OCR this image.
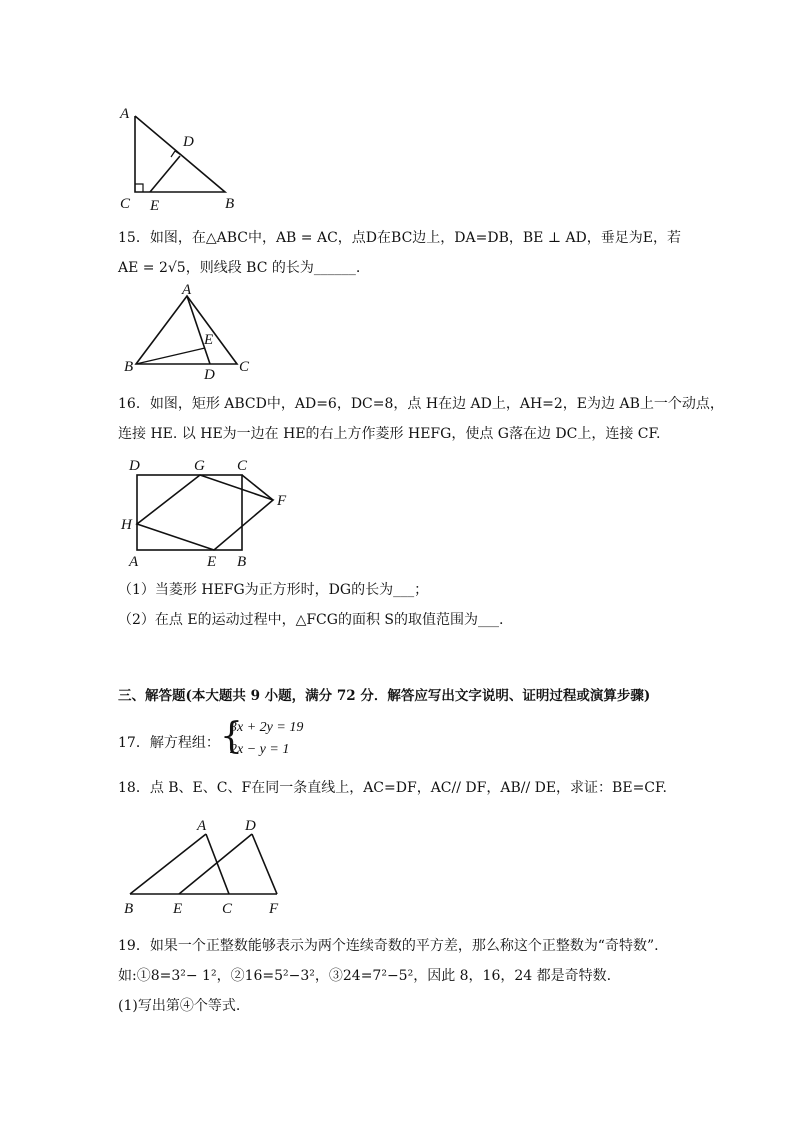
A
D
C E	B
15．如图，在△ABC中，AB = AC，点D在BC边上，DA=DB，BE ⊥ AD，垂足为E，若
AE = 2√5，则线段 BC 的长为______.
A
E
B	D C
16．如图，矩形 ABCD中，AD=6，DC=8，点 H在边 AD上，AH=2，E为边 AB上一个动点，
连接 HE. 以 HE为一边在 HE的右上方作菱形 HEFG，使点 G落在边 DC上，连接 CF.
D	G C
F
H
A	E B
（1）当菱形 HEFG为正方形时，DG的长为___；
（2）在点 E的运动过程中，△FCG的面积 S的取值范围为___.
三、解答题(本大题共 9 小题，满分 72 分．解答应写出文字说明、证明过程或演算步骤)
17．解方程组： {
3x + 2y = 19
2x − y = 1
18．点 B、E、C、F在同一条直线上，AC=DF，AC// DF，AB// DE，求证：BE=CF.
A	D
B	E	C F
19．如果一个正整数能够表示为两个连续奇数的平方差，那么称这个正整数为“奇特数”.
如:①8=3²− 1²，②16=5²−3²，③24=7²−5²，因此 8，16，24 都是奇特数.
(1)写出第④个等式.
